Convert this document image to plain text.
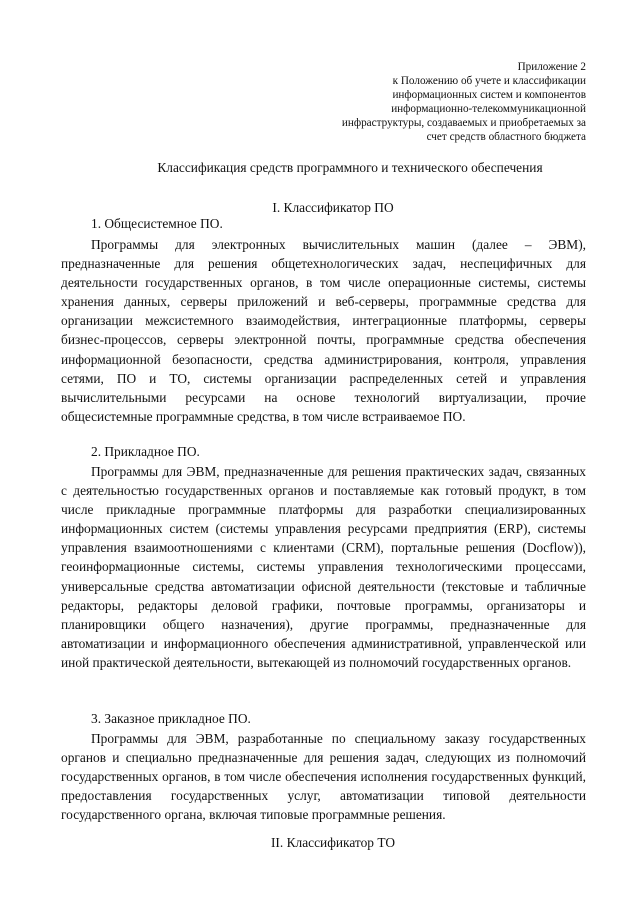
Приложение 2
к Положению об учете и классификации
информационных систем и компонентов
информационно-телекоммуникационной
инфраструктуры, создаваемых и приобретаемых за
счет средств областного бюджета
Классификация средств программного и технического обеспечения
I. Классификатор ПО
1. Общесистемное ПО.

Программы для электронных вычислительных машин (далее – ЭВМ), предназначенные для решения общетехнологических задач, неспецифичных для деятельности государственных органов, в том числе операционные системы, системы хранения данных, серверы приложений и веб-серверы, программные средства для организации межсистемного взаимодействия, интеграционные платформы, серверы бизнес-процессов, серверы электронной почты, программные средства обеспечения информационной безопасности, средства администрирования, контроля, управления сетями, ПО и ТО, системы организации распределенных сетей и управления вычислительными ресурсами на основе технологий виртуализации, прочие общесистемные программные средства, в том числе встраиваемое ПО.

2. Прикладное ПО.

Программы для ЭВМ, предназначенные для решения практических задач, связанных с деятельностью государственных органов и поставляемые как готовый продукт, в том числе прикладные программные платформы для разработки специализированных информационных систем (системы управления ресурсами предприятия (ERP), системы управления взаимоотношениями с клиентами (CRM), портальные решения (Docflow)), геоинформационные системы, системы управления технологическими процессами, универсальные средства автоматизации офисной деятельности (текстовые и табличные редакторы, редакторы деловой графики, почтовые программы, организаторы и планировщики общего назначения), другие программы, предназначенные для автоматизации и информационного обеспечения административной, управленческой или иной практической деятельности, вытекающей из полномочий государственных органов.

3. Заказное прикладное ПО.

Программы для ЭВМ, разработанные по специальному заказу государственных органов и специально предназначенные для решения задач, следующих из полномочий государственных органов, в том числе обеспечения исполнения государственных функций, предоставления государственных услуг, автоматизации типовой деятельности государственного органа, включая типовые программные решения.

II. Классификатор ТО
